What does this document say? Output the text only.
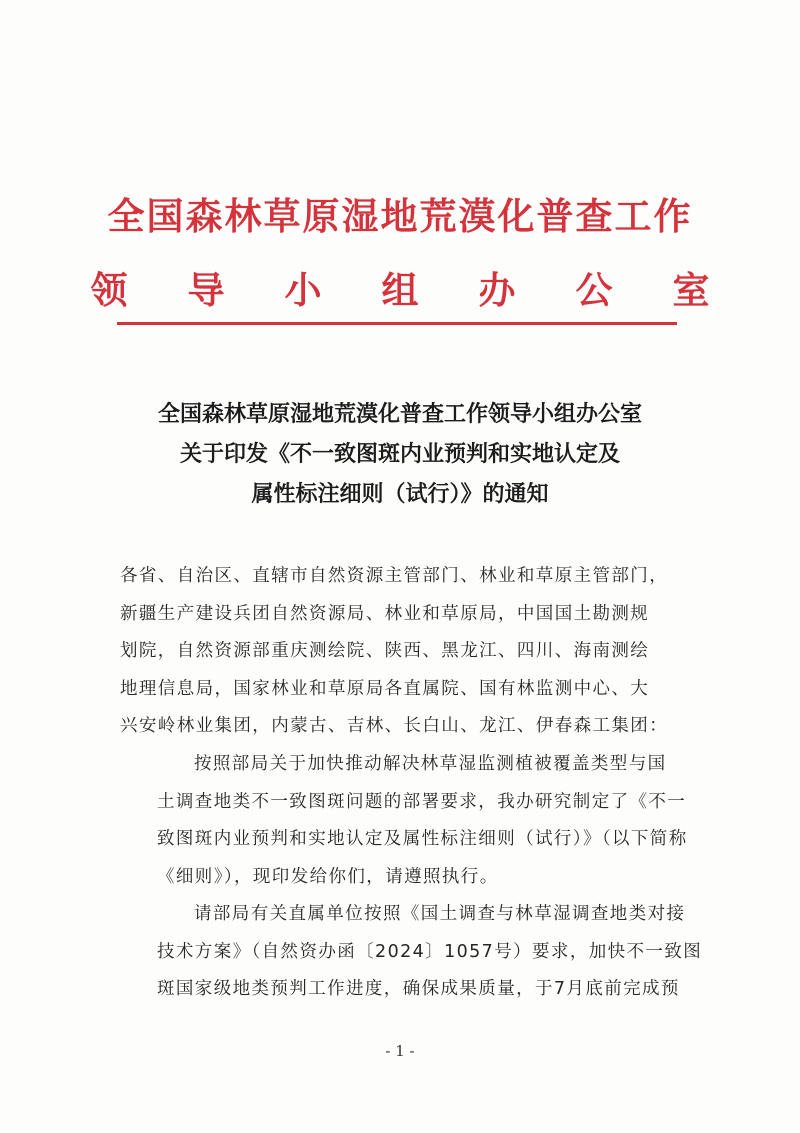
全国森林草原湿地荒漠化普查工作
领导小组办公室
全国森林草原湿地荒漠化普查工作领导小组办公室
关于印发《不一致图斑内业预判和实地认定及
属性标注细则（试行）》的通知
各省、自治区、直辖市自然资源主管部门、林业和草原主管部门，
新疆生产建设兵团自然资源局、林业和草原局，中国国土勘测规
划院，自然资源部重庆测绘院、陕西、黑龙江、四川、海南测绘
地理信息局，国家林业和草原局各直属院、国有林监测中心、大
兴安岭林业集团，内蒙古、吉林、长白山、龙江、伊春森工集团：
按照部局关于加快推动解决林草湿监测植被覆盖类型与国
土调查地类不一致图斑问题的部署要求，我办研究制定了《不一
致图斑内业预判和实地认定及属性标注细则（试行）》（以下简称
《细则》），现印发给你们，请遵照执行。
请部局有关直属单位按照《国土调查与林草湿调查地类对接
技术方案》（自然资办函〔2024〕1057号）要求，加快不一致图
斑国家级地类预判工作进度，确保成果质量，于7月底前完成预
- 1 -
